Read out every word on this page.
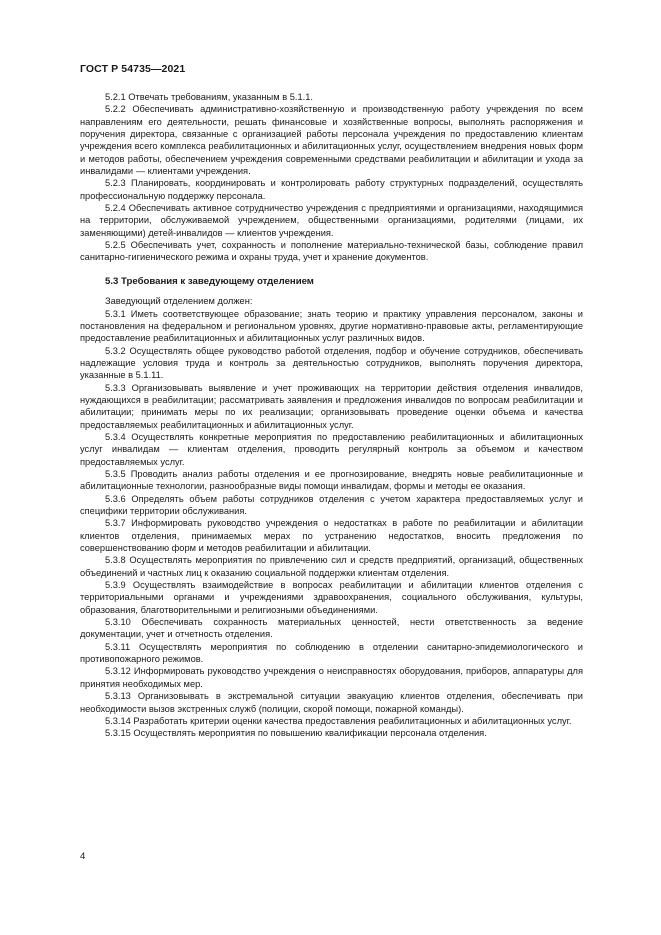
ГОСТ Р 54735—2021

5.2.1 Отвечать требованиям, указанным в 5.1.1.

5.2.2 Обеспечивать административно-хозяйственную и производственную работу учреждения по всем направлениям его деятельности, решать финансовые и хозяйственные вопросы, выполнять распоряжения и поручения директора, связанные с организацией работы персонала учреждения по предоставлению клиентам учреждения всего комплекса реабилитационных и абилитационных услуг, осуществлением внедрения новых форм и методов работы, обеспечением учреждения современными средствами реабилитации и абилитации и ухода за инвалидами — клиентами учреждения.

5.2.3 Планировать, координировать и контролировать работу структурных подразделений, осуществлять профессиональную поддержку персонала.

5.2.4 Обеспечивать активное сотрудничество учреждения с предприятиями и организациями, находящимися на территории, обслуживаемой учреждением, общественными организациями, родителями (лицами, их заменяющими) детей-инвалидов — клиентов учреждения.

5.2.5 Обеспечивать учет, сохранность и пополнение материально-технической базы, соблюдение правил санитарно-гигиенического режима и охраны труда, учет и хранение документов.

5.3 Требования к заведующему отделением

Заведующий отделением должен:

5.3.1 Иметь соответствующее образование; знать теорию и практику управления персоналом, законы и постановления на федеральном и региональном уровнях, другие нормативно-правовые акты, регламентирующие предоставление реабилитационных и абилитационных услуг различных видов.

5.3.2 Осуществлять общее руководство работой отделения, подбор и обучение сотрудников, обеспечивать надлежащие условия труда и контроль за деятельностью сотрудников, выполнять поручения директора, указанные в 5.1.11.

5.3.3 Организовывать выявление и учет проживающих на территории действия отделения инвалидов, нуждающихся в реабилитации; рассматривать заявления и предложения инвалидов по вопросам реабилитации и абилитации; принимать меры по их реализации; организовывать проведение оценки объема и качества предоставляемых реабилитационных и абилитационных услуг.

5.3.4 Осуществлять конкретные мероприятия по предоставлению реабилитационных и абилитационных услуг инвалидам — клиентам отделения, проводить регулярный контроль за объемом и качеством предоставляемых услуг.

5.3.5 Проводить анализ работы отделения и ее прогнозирование, внедрять новые реабилитационные и абилитационные технологии, разнообразные виды помощи инвалидам, формы и методы ее оказания.

5.3.6 Определять объем работы сотрудников отделения с учетом характера предоставляемых услуг и специфики территории обслуживания.

5.3.7 Информировать руководство учреждения о недостатках в работе по реабилитации и абилитации клиентов отделения, принимаемых мерах по устранению недостатков, вносить предложения по совершенствованию форм и методов реабилитации и абилитации.

5.3.8 Осуществлять мероприятия по привлечению сил и средств предприятий, организаций, общественных объединений и частных лиц к оказанию социальной поддержки клиентам отделения.

5.3.9 Осуществлять взаимодействие в вопросах реабилитации и абилитации клиентов отделения с территориальными органами и учреждениями здравоохранения, социального обслуживания, культуры, образования, благотворительными и религиозными объединениями.

5.3.10 Обеспечивать сохранность материальных ценностей, нести ответственность за ведение документации, учет и отчетность отделения.

5.3.11 Осуществлять мероприятия по соблюдению в отделении санитарно-эпидемиологического и противопожарного режимов.

5.3.12 Информировать руководство учреждения о неисправностях оборудования, приборов, аппаратуры для принятия необходимых мер.

5.3.13 Организовывать в экстремальной ситуации эвакуацию клиентов отделения, обеспечивать при необходимости вызов экстренных служб (полиции, скорой помощи, пожарной команды).

5.3.14 Разработать критерии оценки качества предоставления реабилитационных и абилитационных услуг.

5.3.15 Осуществлять мероприятия по повышению квалификации персонала отделения.

4
